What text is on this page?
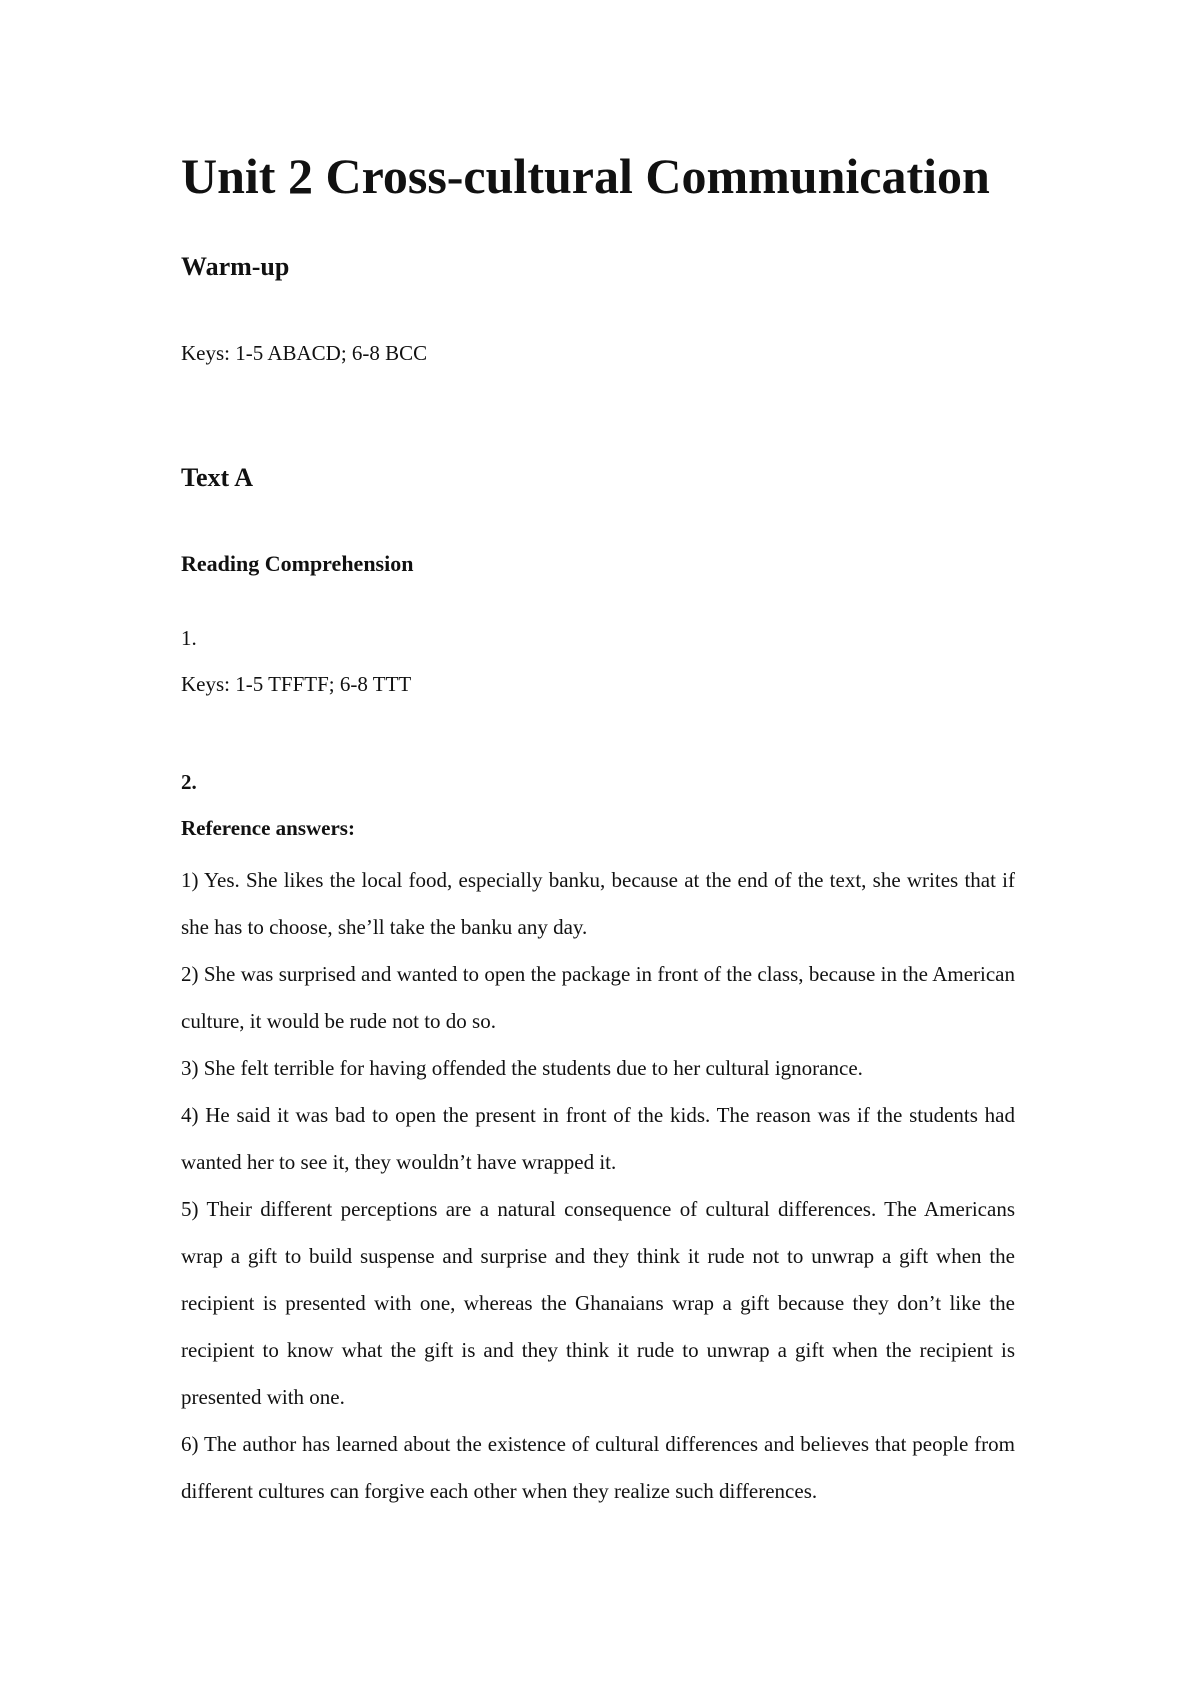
Unit 2 Cross-cultural Communication
Warm-up

Keys: 1-5 ABACD; 6-8 BCC

Text A
Reading Comprehension

1.

Keys: 1-5 TFFTF; 6-8 TTT

2.

Reference answers:

1) Yes. She likes the local food, especially banku, because at the end of the text, she writes that if she has to choose, she’ll take the banku any day.

2) She was surprised and wanted to open the package in front of the class, because in the American culture, it would be rude not to do so.

3) She felt terrible for having offended the students due to her cultural ignorance.

4) He said it was bad to open the present in front of the kids. The reason was if the students had wanted her to see it, they wouldn’t have wrapped it.

5) Their different perceptions are a natural consequence of cultural differences. The Americans wrap a gift to build suspense and surprise and they think it rude not to unwrap a gift when the recipient is presented with one, whereas the Ghanaians wrap a gift because they don’t like the recipient to know what the gift is and they think it rude to unwrap a gift when the recipient is presented with one.

6) The author has learned about the existence of cultural differences and believes that people from different cultures can forgive each other when they realize such differences.
